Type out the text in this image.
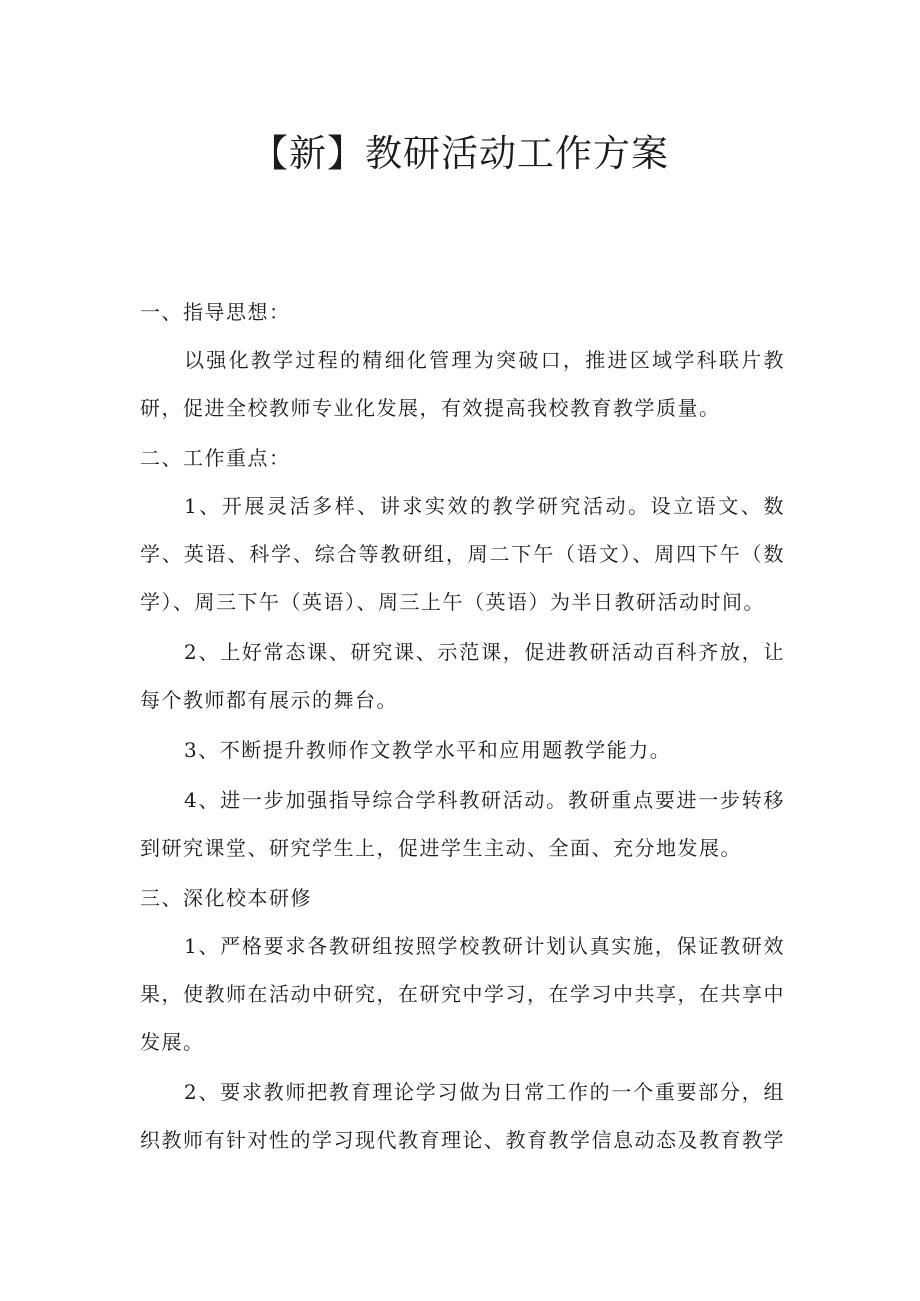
【新】教研活动工作方案

一、指导思想：

以强化教学过程的精细化管理为突破口，推进区域学科联片教研，促进全校教师专业化发展，有效提高我校教育教学质量。

二、工作重点：

1、开展灵活多样、讲求实效的教学研究活动。设立语文、数学、英语、科学、综合等教研组，周二下午（语文）、周四下午（数学）、周三下午（英语）、周三上午（英语）为半日教研活动时间。

2、上好常态课、研究课、示范课，促进教研活动百科齐放，让每个教师都有展示的舞台。

3、不断提升教师作文教学水平和应用题教学能力。

4、进一步加强指导综合学科教研活动。教研重点要进一步转移到研究课堂、研究学生上，促进学生主动、全面、充分地发展。

三、深化校本研修

1、严格要求各教研组按照学校教研计划认真实施，保证教研效果，使教师在活动中研究，在研究中学习，在学习中共享，在共享中发展。

2、要求教师把教育理论学习做为日常工作的一个重要部分，组织教师有针对性的学习现代教育理论、教育教学信息动态及教育教学
